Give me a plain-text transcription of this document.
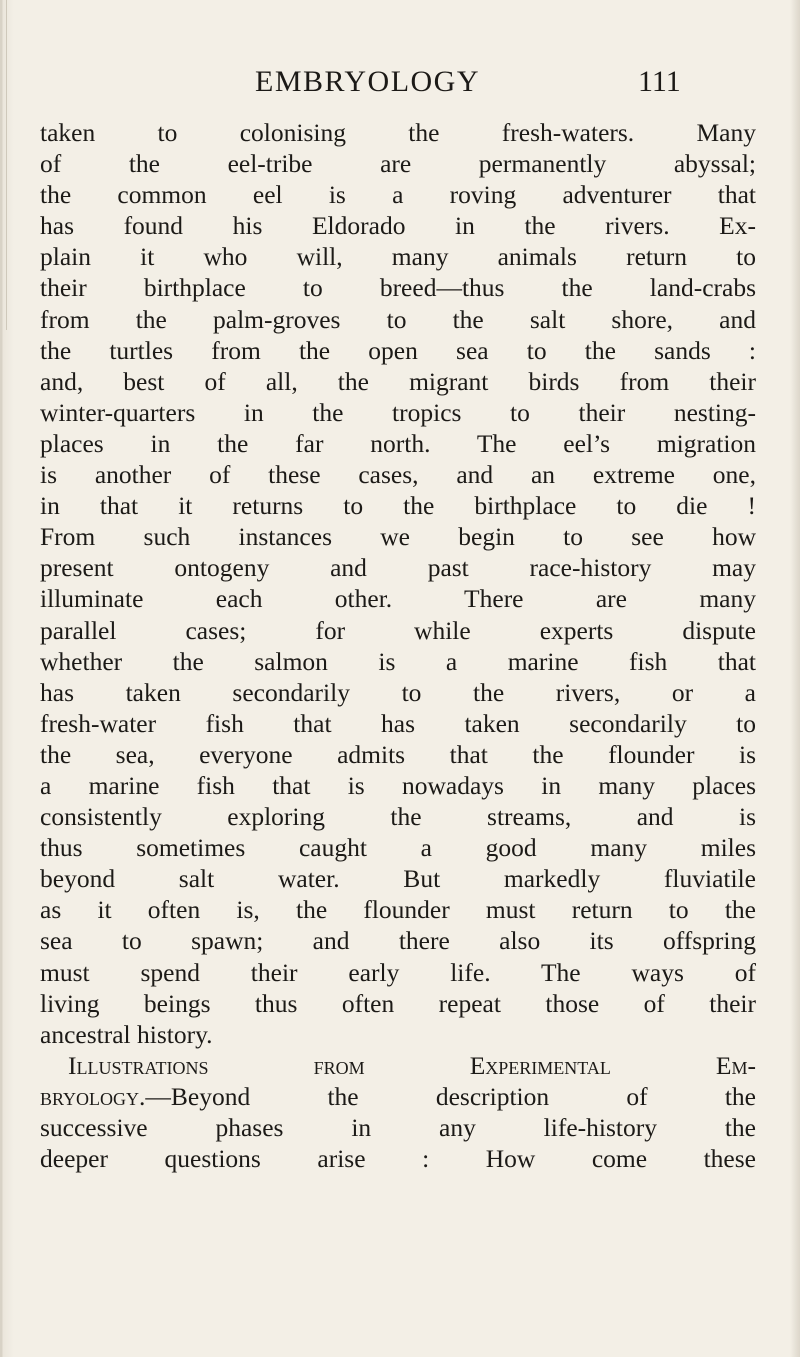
EMBRYOLOGY	111
taken to colonising the fresh-waters. Many
of the eel-tribe are permanently abyssal;
the common eel is a roving adventurer that
has found his Eldorado in the rivers. Ex-
plain it who will, many animals return to
their birthplace to breed—thus the land-crabs
from the palm-groves to the salt shore, and
the turtles from the open sea to the sands :
and, best of all, the migrant birds from their
winter-quarters in the tropics to their nesting-
places in the far north. The eel’s migration
is another of these cases, and an extreme one,
in that it returns to the birthplace to die !
From such instances we begin to see how
present ontogeny and past race-history may
illuminate each other. There are many
parallel cases; for while experts dispute
whether the salmon is a marine fish that
has taken secondarily to the rivers, or a
fresh-water fish that has taken secondarily to
the sea, everyone admits that the flounder is
a marine fish that is nowadays in many places
consistently exploring the streams, and is
thus sometimes caught a good many miles
beyond salt water. But markedly fluviatile
as it often is, the flounder must return to the
sea to spawn; and there also its offspring
must spend their early life. The ways of
living beings thus often repeat those of their
ancestral history.
Illustrations from Experimental Em-
bryology.—Beyond the description of the
successive phases in any life-history the
deeper questions arise : How come these
